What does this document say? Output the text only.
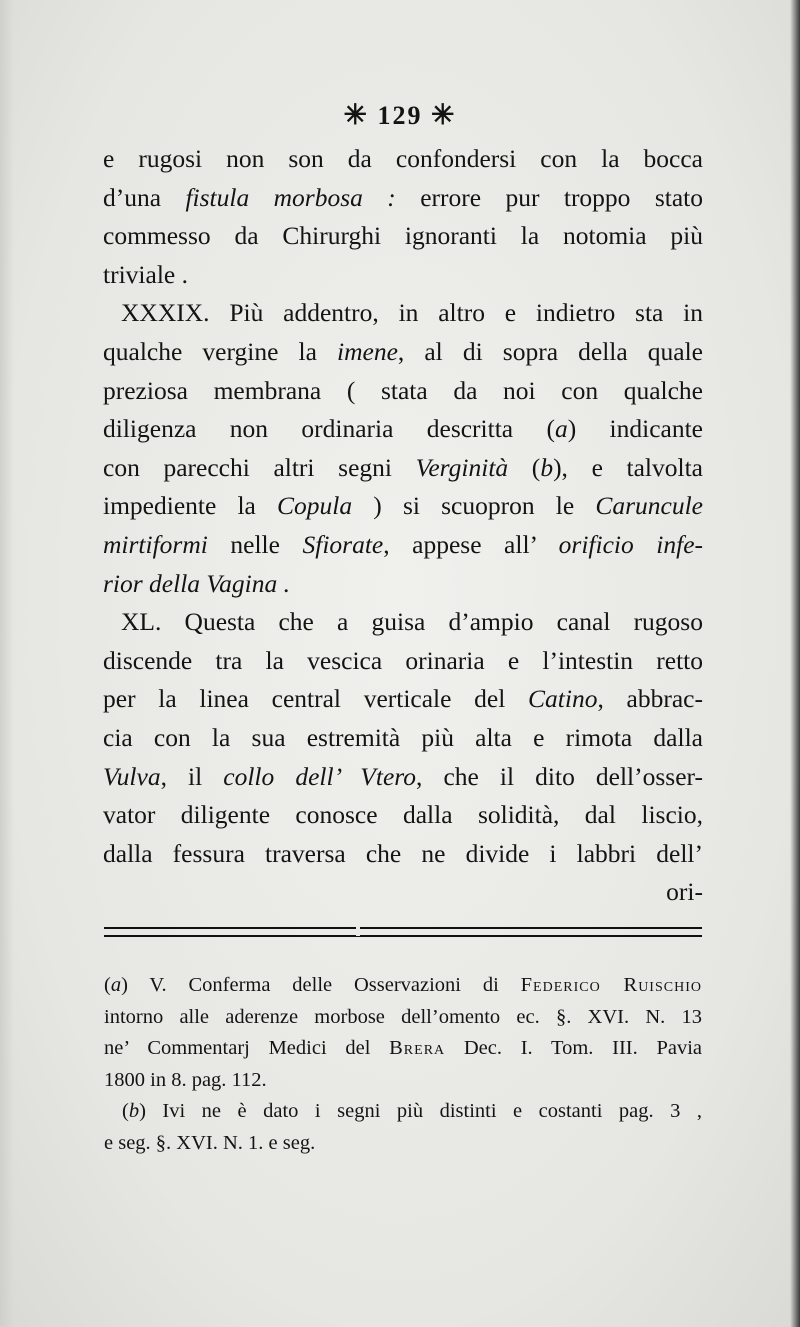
✳ 129 ✳
e rugosi non son da confondersi con la bocca
d’una fistula morbosa : errore pur troppo stato
commesso da Chirurghi ignoranti la notomia più
triviale .
XXXIX. Più addentro, in altro e indietro sta in
qualche vergine la imene, al di sopra della quale
preziosa membrana ( stata da noi con qualche
diligenza non ordinaria descritta (a) indicante
con parecchi altri segni Verginità (b), e talvolta
impediente la Copula ) si scuopron le Caruncule
mirtiformi nelle Sfiorate, appese all’ orificio infe-
rior della Vagina .
XL. Questa che a guisa d’ampio canal rugoso
discende tra la vescica orinaria e l’intestin retto
per la linea central verticale del Catino, abbrac-
cia con la sua estremità più alta e rimota dalla
Vulva, il collo dell’ Vtero, che il dito dell’osser-
vator diligente conosce dalla solidità, dal liscio,
dalla fessura traversa che ne divide i labbri dell’
ori-
(a) V. Conferma delle Osservazioni di Federico Ruischio
intorno alle aderenze morbose dell’omento ec. §. XVI. N. 13
ne’ Commentarj Medici del Brera Dec. I. Tom. III. Pavia
1800 in 8. pag. 112.
(b) Ivi ne è dato i segni più distinti e costanti pag. 3 ,
e seg. §. XVI. N. 1. e seg.
